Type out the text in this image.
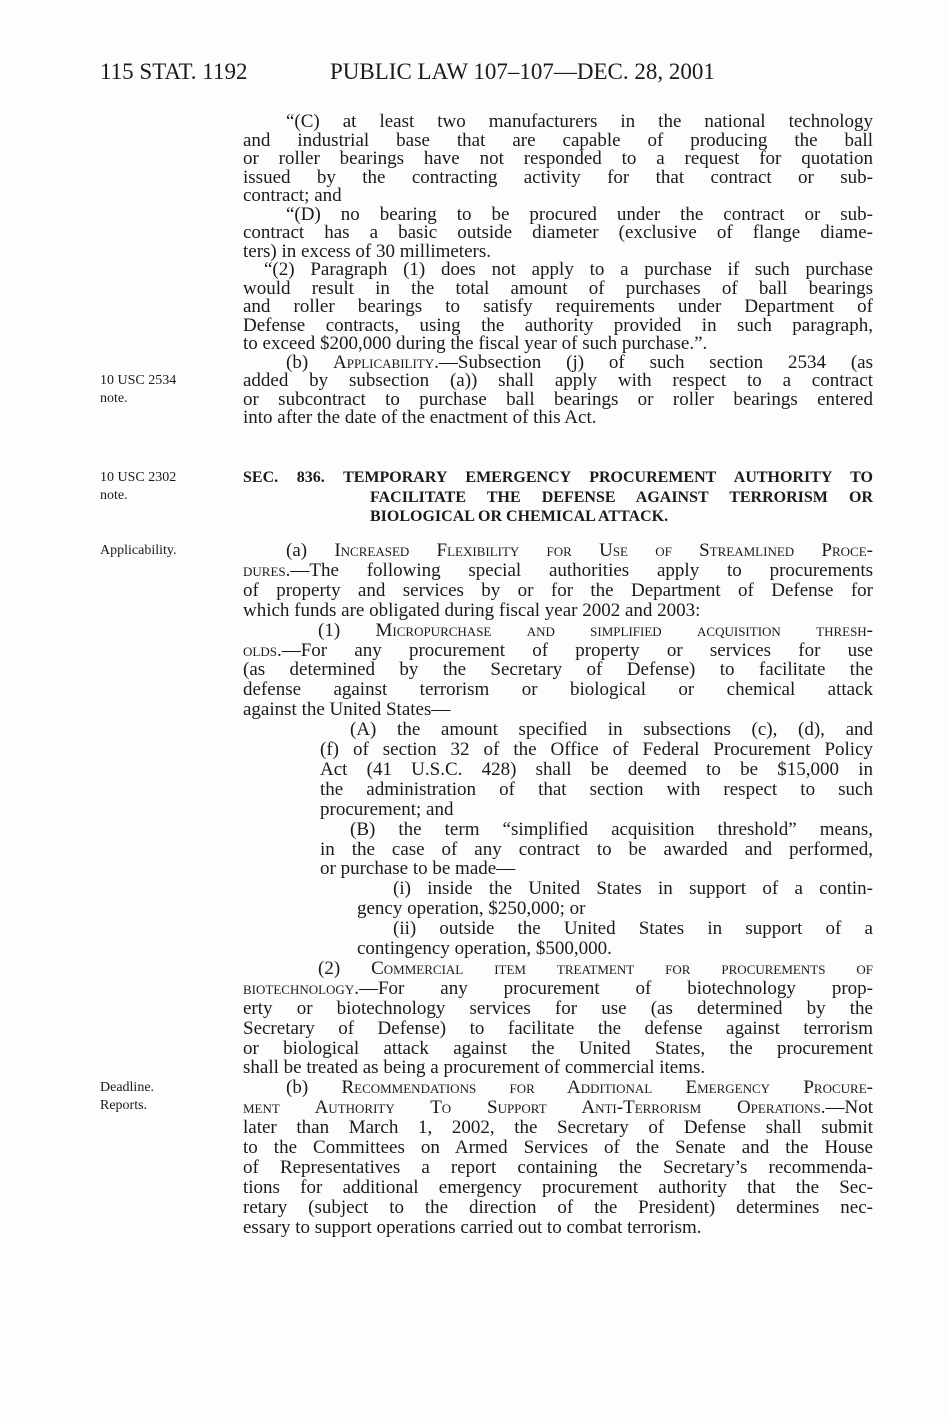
115 STAT. 1192	PUBLIC LAW 107–107—DEC. 28, 2001
10 USC 2534
note.
10 USC 2302
note.
Applicability.
Deadline.
Reports.
“(C) at least two manufacturers in the national technology
and industrial base that are capable of producing the ball
or roller bearings have not responded to a request for quotation
issued by the contracting activity for that contract or sub-
contract; and
“(D) no bearing to be procured under the contract or sub-
contract has a basic outside diameter (exclusive of flange diame-
ters) in excess of 30 millimeters.
“(2) Paragraph (1) does not apply to a purchase if such purchase
would result in the total amount of purchases of ball bearings
and roller bearings to satisfy requirements under Department of
Defense contracts, using the authority provided in such paragraph,
to exceed $200,000 during the fiscal year of such purchase.”.
(b) Applicability.—Subsection (j) of such section 2534 (as
added by subsection (a)) shall apply with respect to a contract
or subcontract to purchase ball bearings or roller bearings entered
into after the date of the enactment of this Act.
SEC. 836. TEMPORARY EMERGENCY PROCUREMENT AUTHORITY TO
FACILITATE THE DEFENSE AGAINST TERRORISM OR
BIOLOGICAL OR CHEMICAL ATTACK.
(a) Increased Flexibility for Use of Streamlined Proce-
dures.—The following special authorities apply to procurements
of property and services by or for the Department of Defense for
which funds are obligated during fiscal year 2002 and 2003:
(1) Micropurchase and simplified acquisition thresh-
olds.—For any procurement of property or services for use
(as determined by the Secretary of Defense) to facilitate the
defense against terrorism or biological or chemical attack
against the United States—
(A) the amount specified in subsections (c), (d), and
(f) of section 32 of the Office of Federal Procurement Policy
Act (41 U.S.C. 428) shall be deemed to be $15,000 in
the administration of that section with respect to such
procurement; and
(B) the term “simplified acquisition threshold” means,
in the case of any contract to be awarded and performed,
or purchase to be made—
(i) inside the United States in support of a contin-
gency operation, $250,000; or
(ii) outside the United States in support of a
contingency operation, $500,000.
(2) Commercial item treatment for procurements of
biotechnology.—For any procurement of biotechnology prop-
erty or biotechnology services for use (as determined by the
Secretary of Defense) to facilitate the defense against terrorism
or biological attack against the United States, the procurement
shall be treated as being a procurement of commercial items.
(b) Recommendations for Additional Emergency Procure-
ment Authority To Support Anti-Terrorism Operations.—Not
later than March 1, 2002, the Secretary of Defense shall submit
to the Committees on Armed Services of the Senate and the House
of Representatives a report containing the Secretary’s recommenda-
tions for additional emergency procurement authority that the Sec-
retary (subject to the direction of the President) determines nec-
essary to support operations carried out to combat terrorism.
